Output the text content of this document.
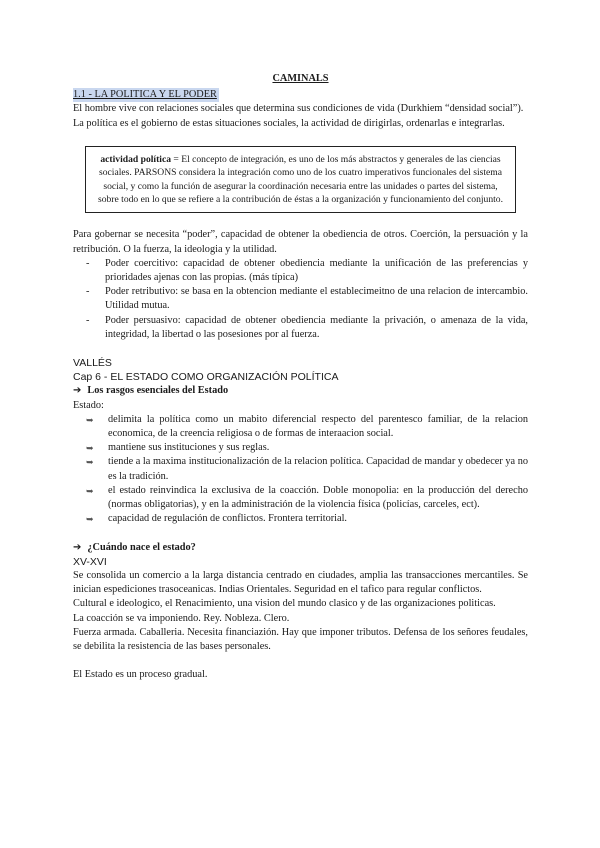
CAMINALS
1.1 - LA POLITICA Y EL PODER

El hombre vive con relaciones sociales que determina sus condiciones de vida (Durkhiem “densidad social”).

La política es el gobierno de estas situaciones sociales, la actividad de dirigirlas, ordenarlas e integrarlas.

actividad política = El concepto de integración, es uno de los más abstractos y generales de las ciencias sociales. PARSONS considera la integración como uno de los cuatro imperativos funcionales del sistema social, y como la función de asegurar la coordinación necesaria entre las unidades o partes del sistema, sobre todo en lo que se refiere a la contribución de éstas a la organización y funcionamiento del conjunto.

Para gobernar se necesita “poder”, capacidad de obtener la obediencia de otros. Coerción, la persuación y la retribución. O la fuerza, la ideologia y la utilidad.

- Poder coercitivo: capacidad de obtener obediencia mediante la unificación de las preferencias y prioridades ajenas con las propias. (más típica)
- Poder retributivo: se basa en la obtencion mediante el establecimeitno de una relacion de intercambio. Utilidad mutua.
- Poder persuasivo: capacidad de obtener obediencia mediante la privación, o amenaza de la vida, integridad, la libertad o las posesiones por al fuerza.
VALLÉS
Cap 6 - EL ESTADO COMO ORGANIZACIÓN POLÍTICA
➔ Los rasgos esenciales del Estado
Estado:
➥ delimita la política como un mabito diferencial respecto del parentesco familiar, de la relacion economica, de la creencia religiosa o de formas de interaacion social.
➥ mantiene sus instituciones y sus reglas.
➥ tiende a la maxima institucionalización de la relacion política. Capacidad de mandar y obedecer ya no es la tradición.
➥ el estado reinvindica la exclusiva de la coacción. Doble monopolia: en la producción del derecho (normas obligatorias), y en la administración de la violencia física (policías, carceles, ect).
➥ capacidad de regulación de conflictos. Frontera territorial.
➔ ¿Cuándo nace el estado?
XV-XVI

Se consolida un comercio a la larga distancia centrado en ciudades, amplia las transacciones mercantiles. Se inician espediciones trasoceanicas. Indias Orientales. Seguridad en el tafico para regular conflictos.

Cultural e ideologico, el Renacimiento, una vision del mundo clasico y de las organizaciones politicas.

La coacción se va imponiendo. Rey. Nobleza. Clero.

Fuerza armada. Caballeria. Necesita financiazión. Hay que imponer tributos. Defensa de los señores feudales, se debilita la resistencia de las bases personales.

El Estado es un proceso gradual.
